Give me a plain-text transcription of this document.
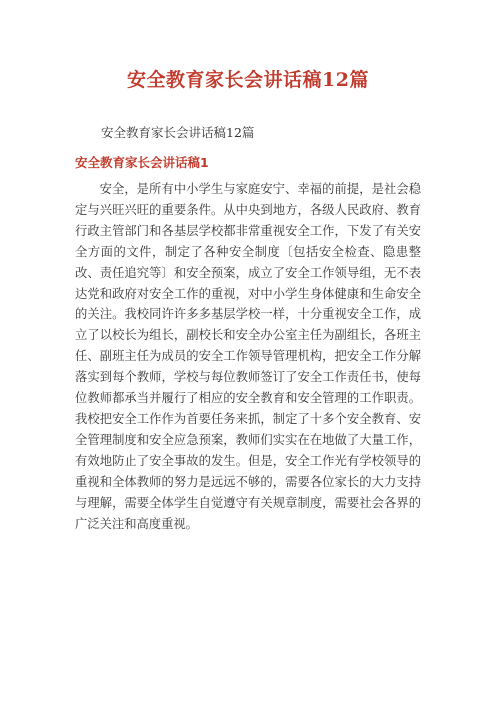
安全教育家长会讲话稿12篇
安全教育家长会讲话稿12篇
安全教育家长会讲话稿1

安全，是所有中小学生与家庭安宁、幸福的前提，是社会稳定与兴旺兴旺的重要条件。从中央到地方，各级人民政府、教育行政主管部门和各基层学校都非常重视安全工作，下发了有关安全方面的文件，制定了各种安全制度〔包括安全检查、隐患整改、责任追究等〕和安全预案，成立了安全工作领导组，无不表达党和政府对安全工作的重视，对中小学生身体健康和生命安全的关注。我校同许许多多基层学校一样，十分重视安全工作，成立了以校长为组长，副校长和安全办公室主任为副组长，各班主任、副班主任为成员的安全工作领导管理机构，把安全工作分解落实到每个教师，学校与每位教师签订了安全工作责任书，使每位教师都承当并履行了相应的安全教育和安全管理的工作职责。我校把安全工作作为首要任务来抓，制定了十多个安全教育、安全管理制度和安全应急预案，教师们实实在在地做了大量工作，有效地防止了安全事故的发生。但是，安全工作光有学校领导的重视和全体教师的努力是远远不够的，需要各位家长的大力支持与理解，需要全体学生自觉遵守有关规章制度，需要社会各界的广泛关注和高度重视。
